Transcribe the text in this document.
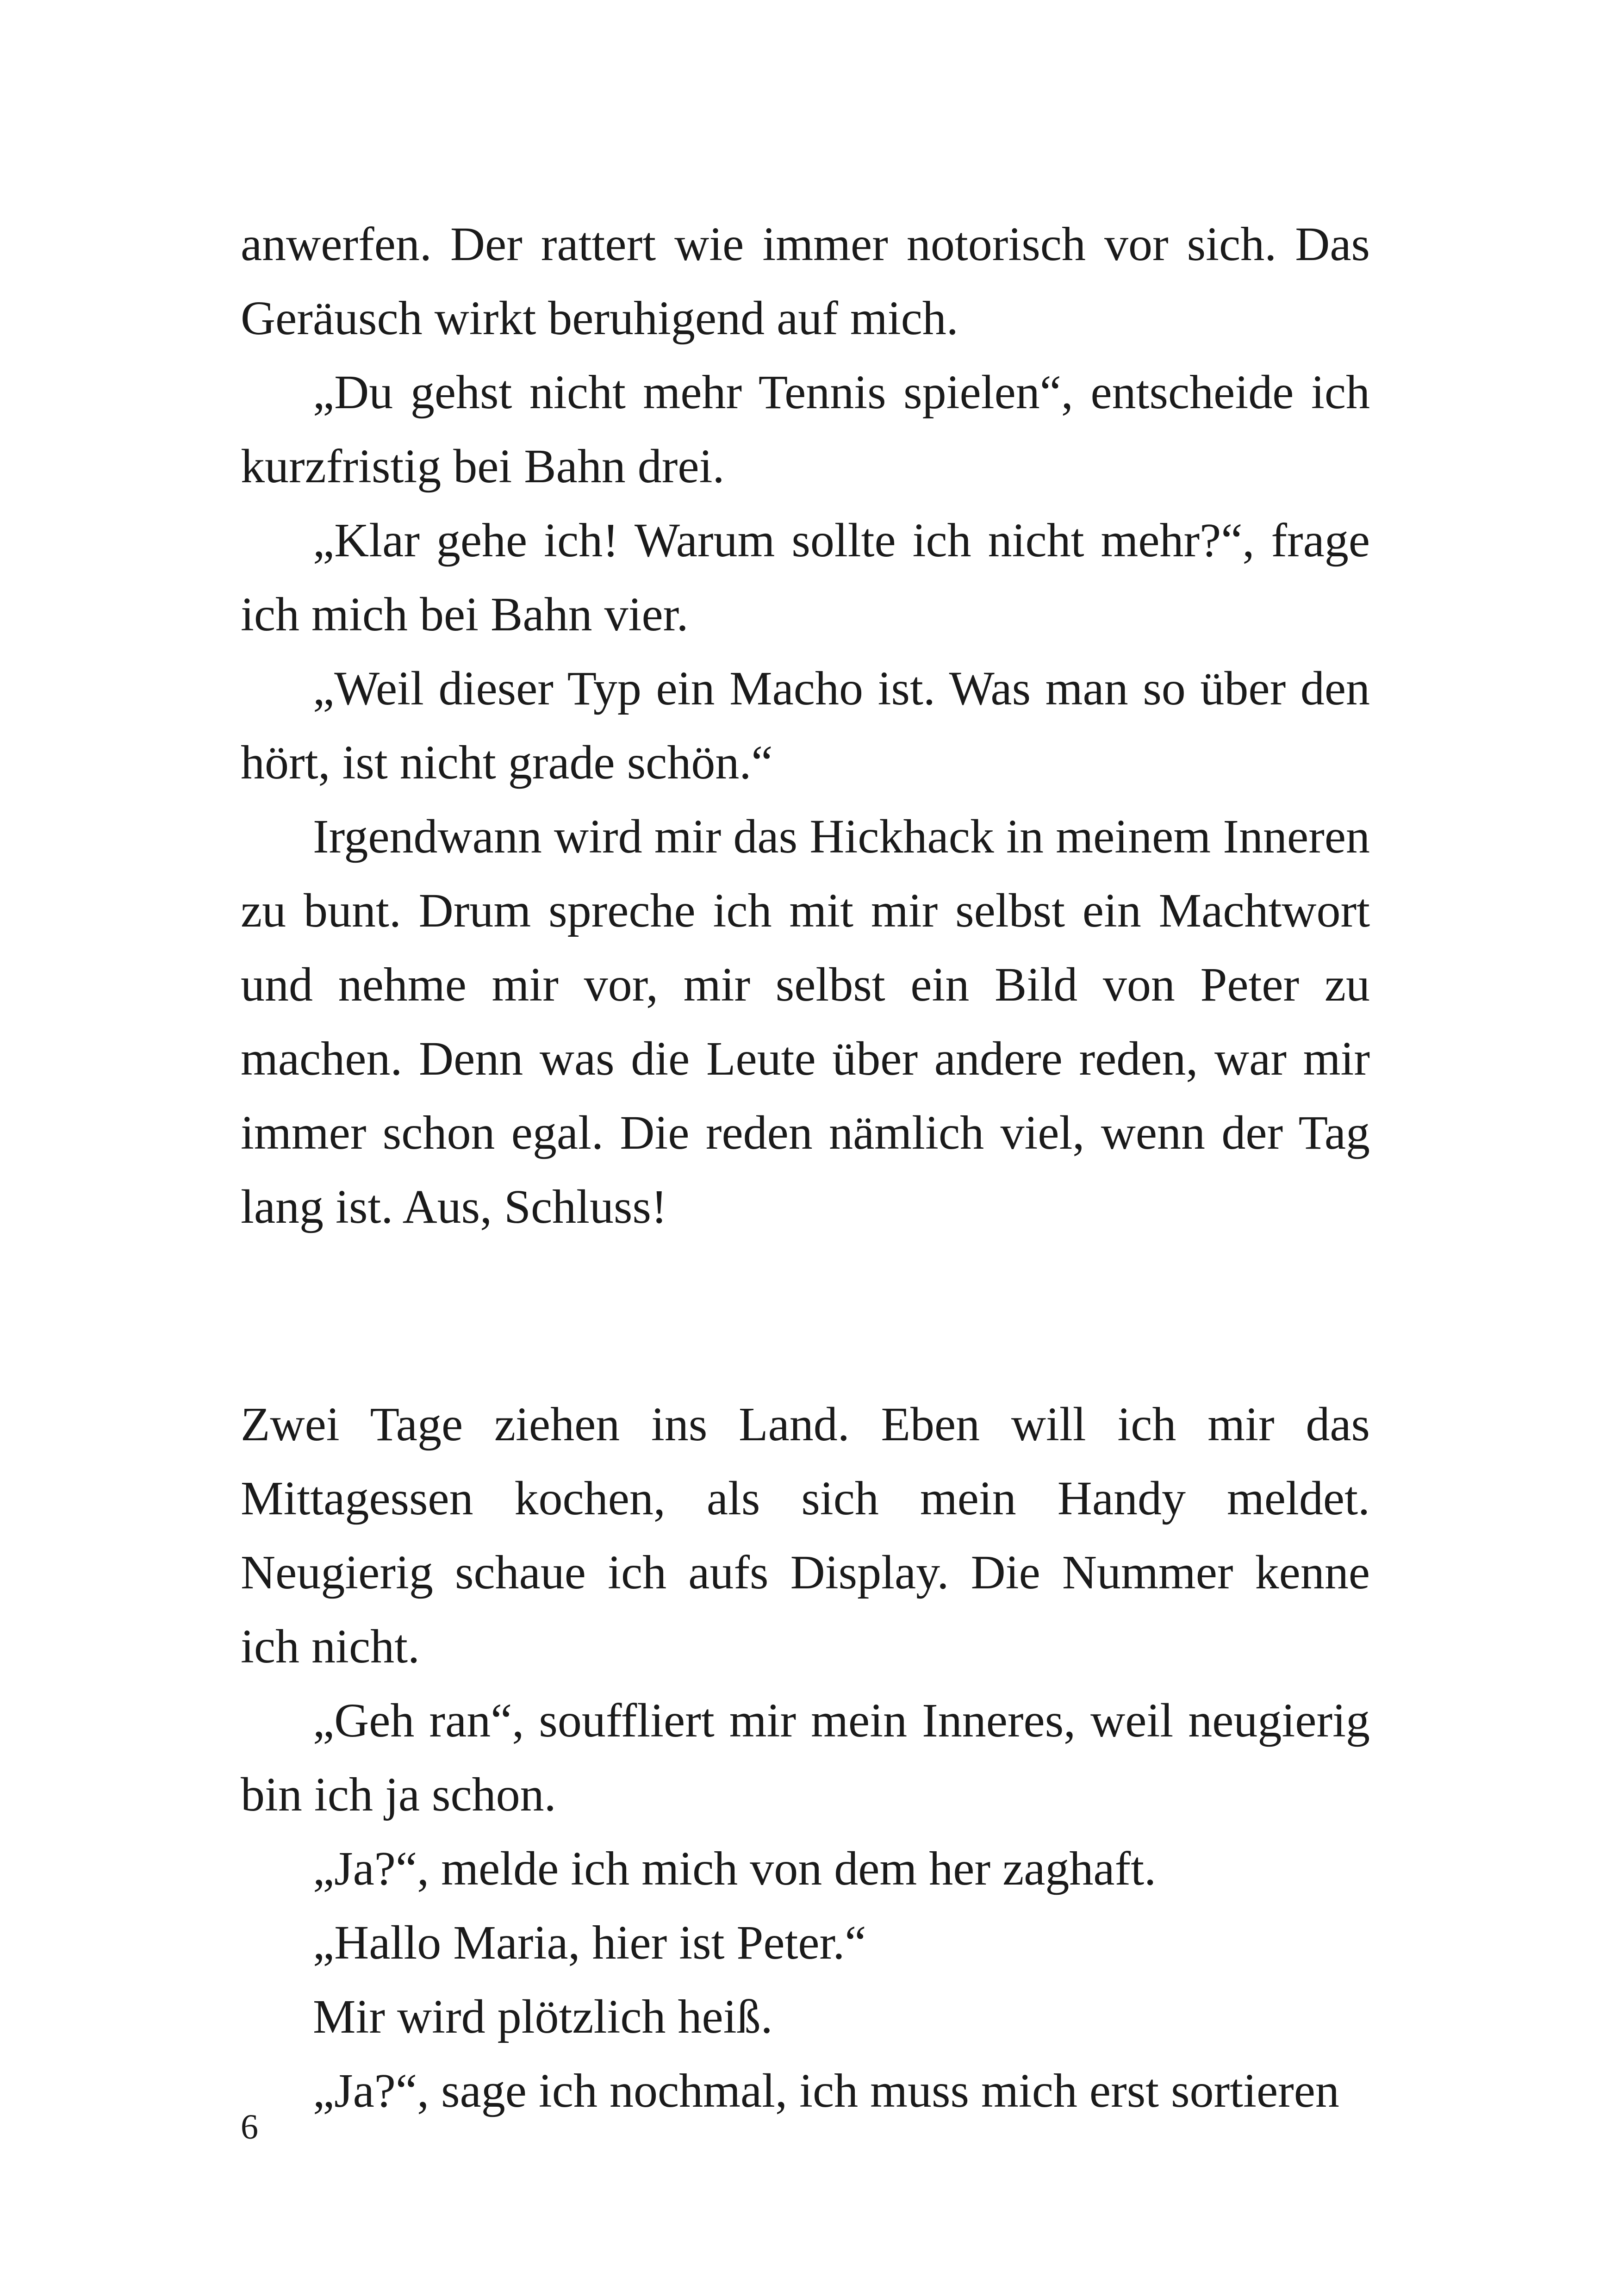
anwerfen. Der rattert wie immer notorisch vor sich. Das Geräusch wirkt beruhigend auf mich.

„Du gehst nicht mehr Tennis spielen“, entscheide ich kurzfristig bei Bahn drei.

„Klar gehe ich! Warum sollte ich nicht mehr?“, frage ich mich bei Bahn vier.

„Weil dieser Typ ein Macho ist. Was man so über den hört, ist nicht grade schön.“

Irgendwann wird mir das Hickhack in meinem Inneren zu bunt. Drum spreche ich mit mir selbst ein Machtwort und nehme mir vor, mir selbst ein Bild von Peter zu machen. Denn was die Leute über andere reden, war mir immer schon egal. Die reden nämlich viel, wenn der Tag lang ist. Aus, Schluss!

Zwei Tage ziehen ins Land. Eben will ich mir das Mittagessen kochen, als sich mein Handy meldet. Neugierig schaue ich aufs Display. Die Nummer kenne ich nicht.

„Geh ran“, souffliert mir mein Inneres, weil neugierig bin ich ja schon.

„Ja?“, melde ich mich von dem her zaghaft.

„Hallo Maria, hier ist Peter.“

Mir wird plötzlich heiß.

„Ja?“, sage ich nochmal, ich muss mich erst sortieren

6
